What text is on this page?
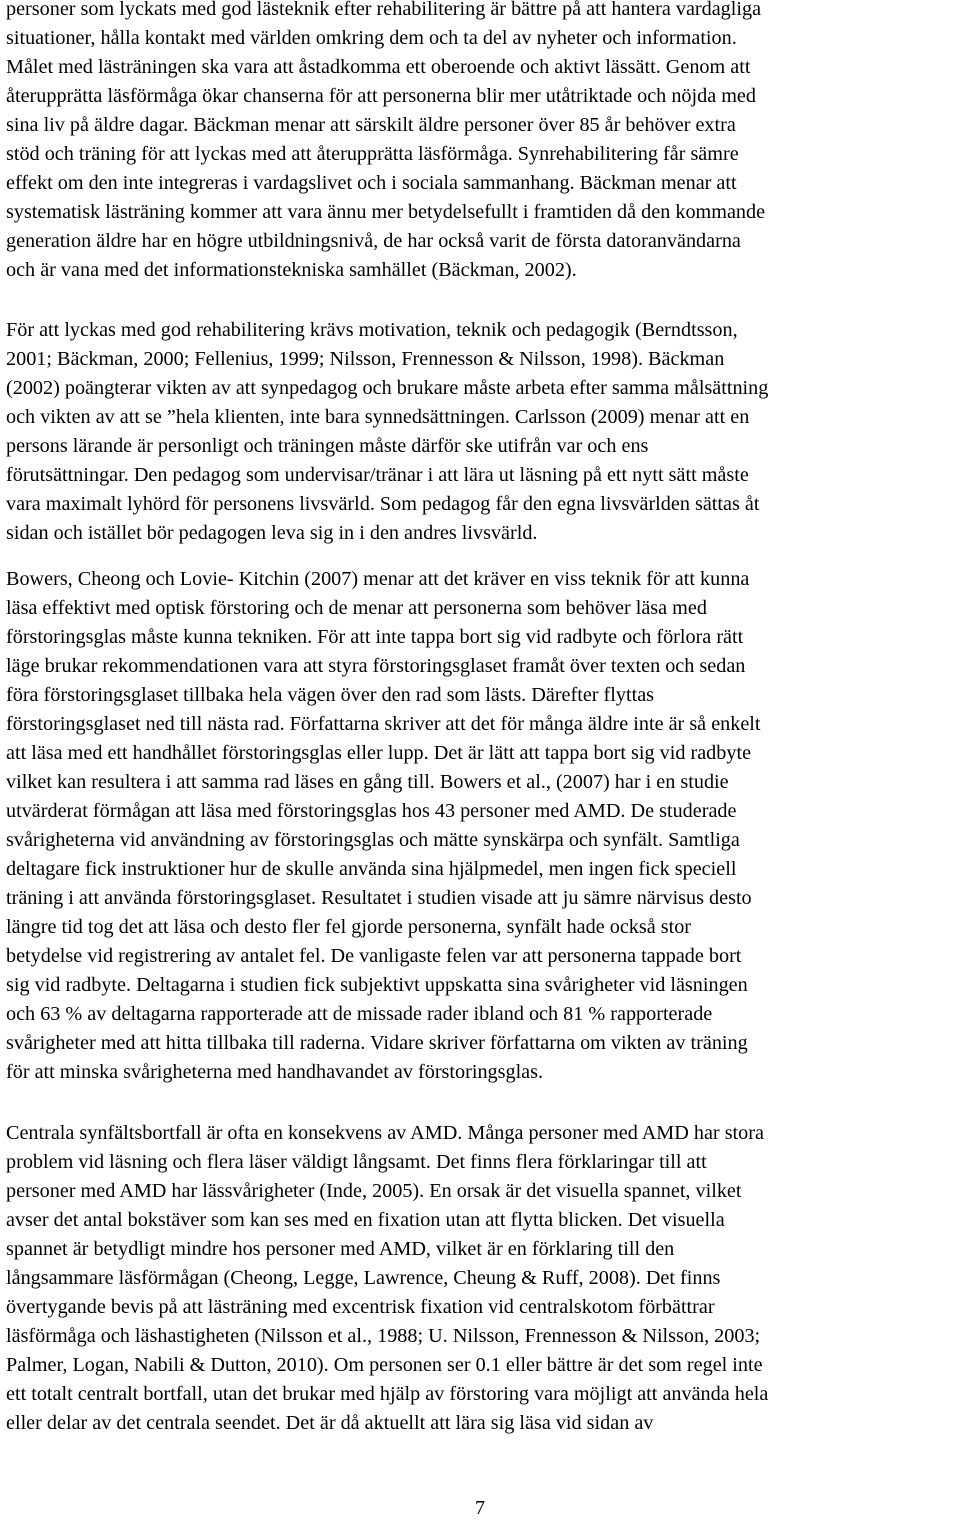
personer som lyckats med god lästeknik efter rehabilitering är bättre på att hantera vardagliga
situationer, hålla kontakt med världen omkring dem och ta del av nyheter och information.
Målet med lästräningen ska vara att åstadkomma ett oberoende och aktivt lässätt. Genom att
återupprätta läsförmåga ökar chanserna för att personerna blir mer utåtriktade och nöjda med
sina liv på äldre dagar. Bäckman menar att särskilt äldre personer över 85 år behöver extra
stöd och träning för att lyckas med att återupprätta läsförmåga. Synrehabilitering får sämre
effekt om den inte integreras i vardagslivet och i sociala sammanhang. Bäckman menar att
systematisk lästräning kommer att vara ännu mer betydelsefullt i framtiden då den kommande
generation äldre har en högre utbildningsnivå, de har också varit de första datoranvändarna
och är vana med det informationstekniska samhället (Bäckman, 2002).
För att lyckas med god rehabilitering krävs motivation, teknik och pedagogik (Berndtsson,
2001; Bäckman, 2000; Fellenius, 1999; Nilsson, Frennesson & Nilsson, 1998). Bäckman
(2002) poängterar vikten av att synpedagog och brukare måste arbeta efter samma målsättning
och vikten av att se ”hela klienten, inte bara synnedsättningen. Carlsson (2009) menar att en
persons lärande är personligt och träningen måste därför ske utifrån var och ens
förutsättningar. Den pedagog som undervisar/tränar i att lära ut läsning på ett nytt sätt måste
vara maximalt lyhörd för personens livsvärld. Som pedagog får den egna livsvärlden sättas åt
sidan och istället bör pedagogen leva sig in i den andres livsvärld.
Bowers, Cheong och Lovie- Kitchin (2007) menar att det kräver en viss teknik för att kunna
läsa effektivt med optisk förstoring och de menar att personerna som behöver läsa med
förstoringsglas måste kunna tekniken. För att inte tappa bort sig vid radbyte och förlora rätt
läge brukar rekommendationen vara att styra förstoringsglaset framåt över texten och sedan
föra förstoringsglaset tillbaka hela vägen över den rad som lästs. Därefter flyttas
förstoringsglaset ned till nästa rad. Författarna skriver att det för många äldre inte är så enkelt
att läsa med ett handhållet förstoringsglas eller lupp. Det är lätt att tappa bort sig vid radbyte
vilket kan resultera i att samma rad läses en gång till. Bowers et al., (2007) har i en studie
utvärderat förmågan att läsa med förstoringsglas hos 43 personer med AMD. De studerade
svårigheterna vid användning av förstoringsglas och mätte synskärpa och synfält. Samtliga
deltagare fick instruktioner hur de skulle använda sina hjälpmedel, men ingen fick speciell
träning i att använda förstoringsglaset. Resultatet i studien visade att ju sämre närvisus desto
längre tid tog det att läsa och desto fler fel gjorde personerna, synfält hade också stor
betydelse vid registrering av antalet fel. De vanligaste felen var att personerna tappade bort
sig vid radbyte. Deltagarna i studien fick subjektivt uppskatta sina svårigheter vid läsningen
och 63 % av deltagarna rapporterade att de missade rader ibland och 81 % rapporterade
svårigheter med att hitta tillbaka till raderna. Vidare skriver författarna om vikten av träning
för att minska svårigheterna med handhavandet av förstoringsglas.
Centrala synfältsbortfall är ofta en konsekvens av AMD. Många personer med AMD har stora
problem vid läsning och flera läser väldigt långsamt. Det finns flera förklaringar till att
personer med AMD har lässvårigheter (Inde, 2005). En orsak är det visuella spannet, vilket
avser det antal bokstäver som kan ses med en fixation utan att flytta blicken. Det visuella
spannet är betydligt mindre hos personer med AMD, vilket är en förklaring till den
långsammare läsförmågan (Cheong, Legge, Lawrence, Cheung & Ruff, 2008). Det finns
övertygande bevis på att lästräning med excentrisk fixation vid centralskotom förbättrar
läsförmåga och läshastigheten (Nilsson et al., 1988; U. Nilsson, Frennesson & Nilsson, 2003;
Palmer, Logan, Nabili & Dutton, 2010). Om personen ser 0.1 eller bättre är det som regel inte
ett totalt centralt bortfall, utan det brukar med hjälp av förstoring vara möjligt att använda hela
eller delar av det centrala seendet. Det är då aktuellt att lära sig läsa vid sidan av
7
